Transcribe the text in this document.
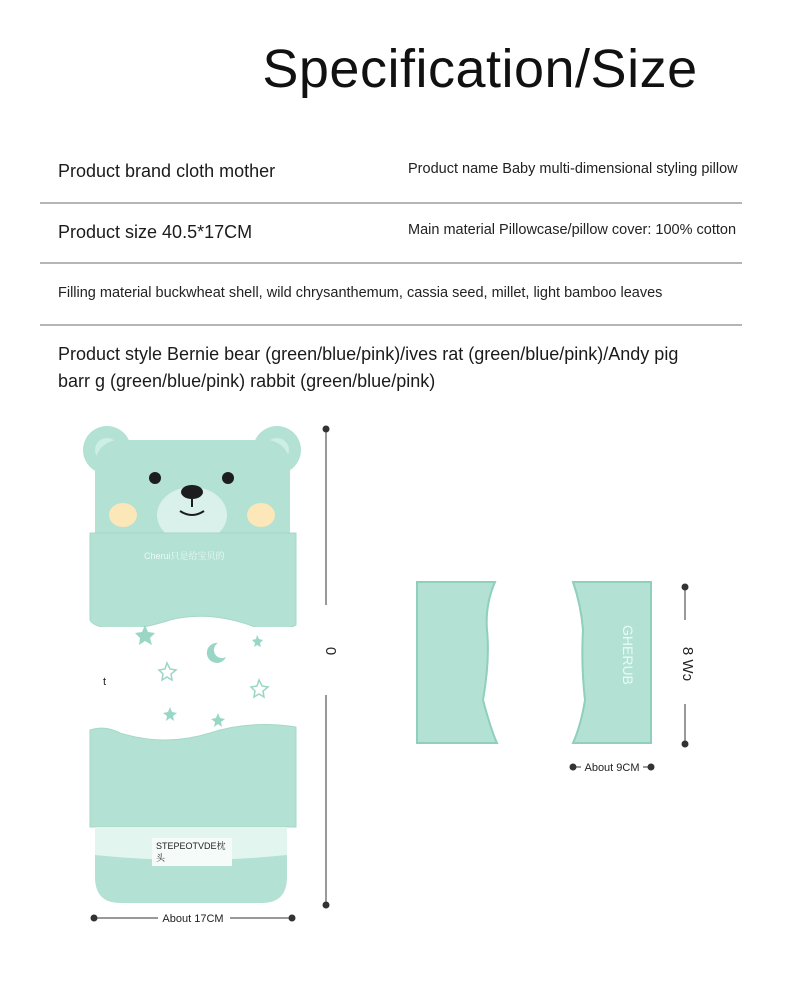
Specification/Size
Product brand cloth mother	Product name Baby multi-dimensional styling pillow
Product size 40.5*17CM	Main material Pillowcase/pillow cover: 100% cotton
Filling material buckwheat shell, wild chrysanthemum, cassia seed, millet, light bamboo leaves
Product style Bernie bear (green/blue/pink)/ives rat (green/blue/pink)/Andy pig
barr g (green/blue/pink) rabbit (green/blue/pink)
Cherui只是给宝贝的
t
STEPEOTVDE枕
头
0
About 17CM
GHERUB	8 Wɔ
About 9CM
